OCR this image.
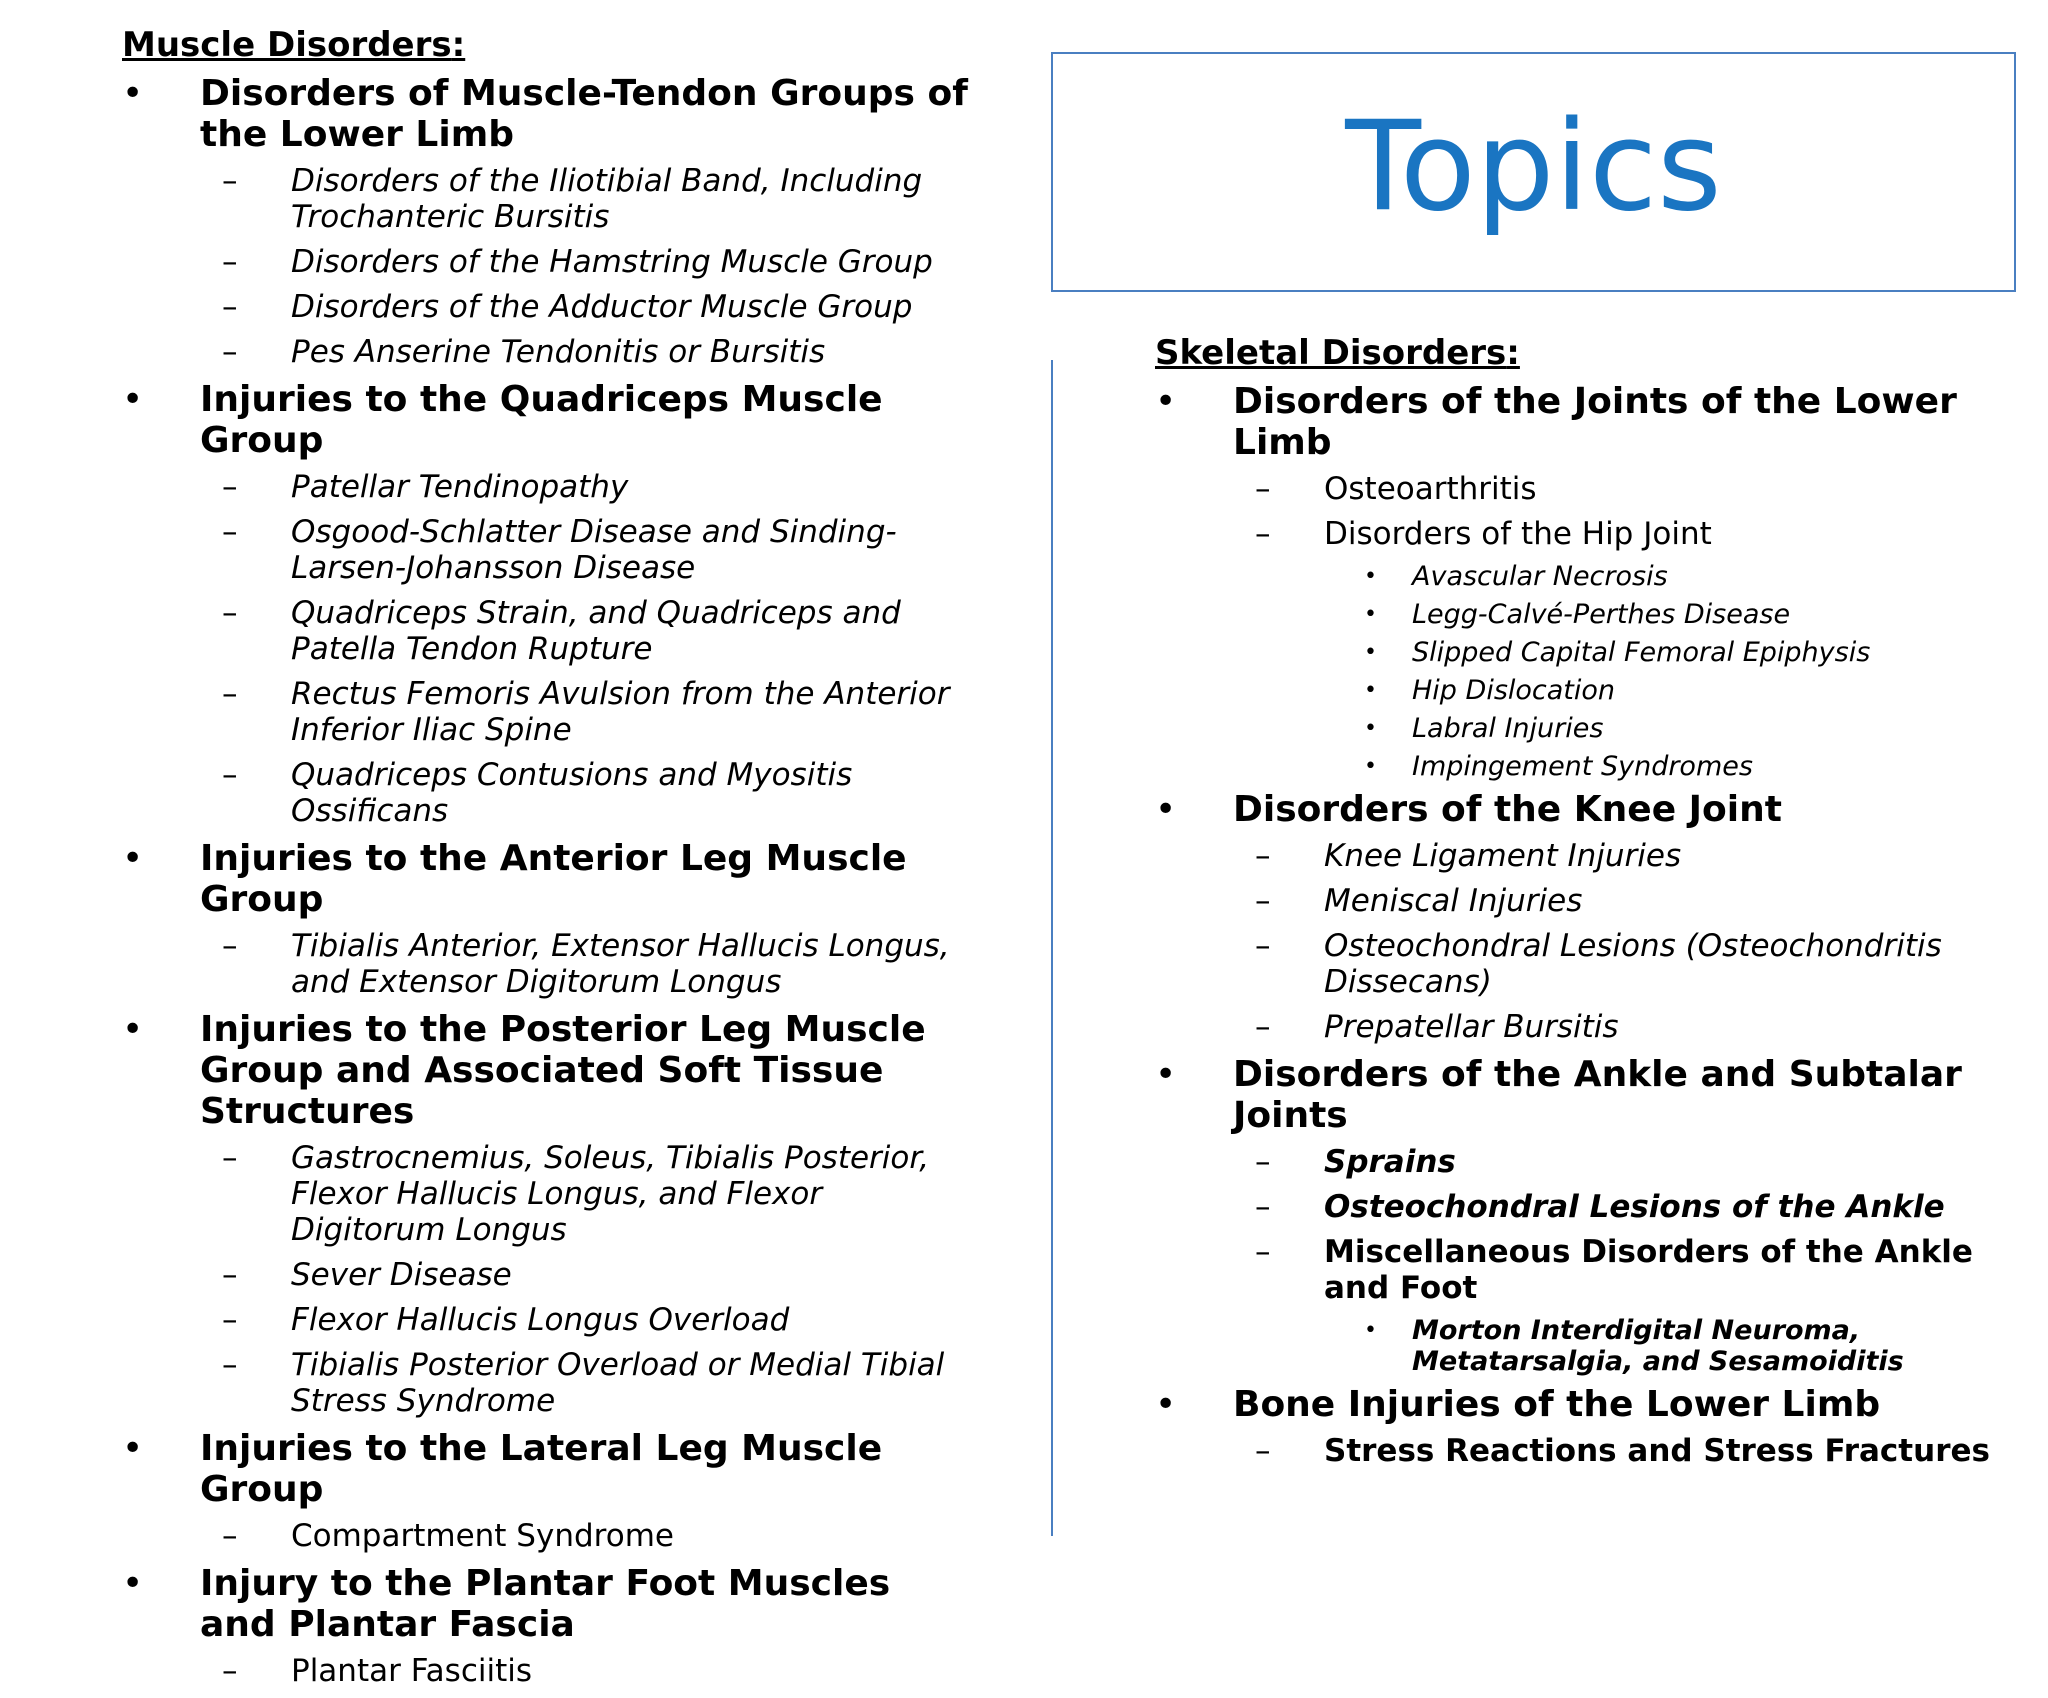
Topics
Muscle Disorders:
• Disorders of Muscle-Tendon Groups of the Lower Limb
– Disorders of the Iliotibial Band, Including Trochanteric Bursitis
– Disorders of the Hamstring Muscle Group
– Disorders of the Adductor Muscle Group
– Pes Anserine Tendonitis or Bursitis
• Injuries to the Quadriceps Muscle Group
– Patellar Tendinopathy
– Osgood-Schlatter Disease and Sinding-Larsen-Johansson Disease
– Quadriceps Strain, and Quadriceps and Patella Tendon Rupture
– Rectus Femoris Avulsion from the Anterior Inferior Iliac Spine
– Quadriceps Contusions and Myositis Ossificans
• Injuries to the Anterior Leg Muscle Group
– Tibialis Anterior, Extensor Hallucis Longus, and Extensor Digitorum Longus
• Injuries to the Posterior Leg Muscle Group and Associated Soft Tissue Structures
– Gastrocnemius, Soleus, Tibialis Posterior, Flexor Hallucis Longus, and Flexor Digitorum Longus
– Sever Disease
– Flexor Hallucis Longus Overload
– Tibialis Posterior Overload or Medial Tibial Stress Syndrome
• Injuries to the Lateral Leg Muscle Group
– Compartment Syndrome
• Injury to the Plantar Foot Muscles and Plantar Fascia
– Plantar Fasciitis
Skeletal Disorders:
• Disorders of the Joints of the Lower Limb
– Osteoarthritis
– Disorders of the Hip Joint
• Avascular Necrosis
• Legg-Calvé-Perthes Disease
• Slipped Capital Femoral Epiphysis
• Hip Dislocation
• Labral Injuries
• Impingement Syndromes
• Disorders of the Knee Joint
– Knee Ligament Injuries
– Meniscal Injuries
– Osteochondral Lesions (Osteochondritis Dissecans)
– Prepatellar Bursitis
• Disorders of the Ankle and Subtalar Joints
– Sprains
– Osteochondral Lesions of the Ankle
– Miscellaneous Disorders of the Ankle and Foot
• Morton Interdigital Neuroma, Metatarsalgia, and Sesamoiditis
• Bone Injuries of the Lower Limb
– Stress Reactions and Stress Fractures
